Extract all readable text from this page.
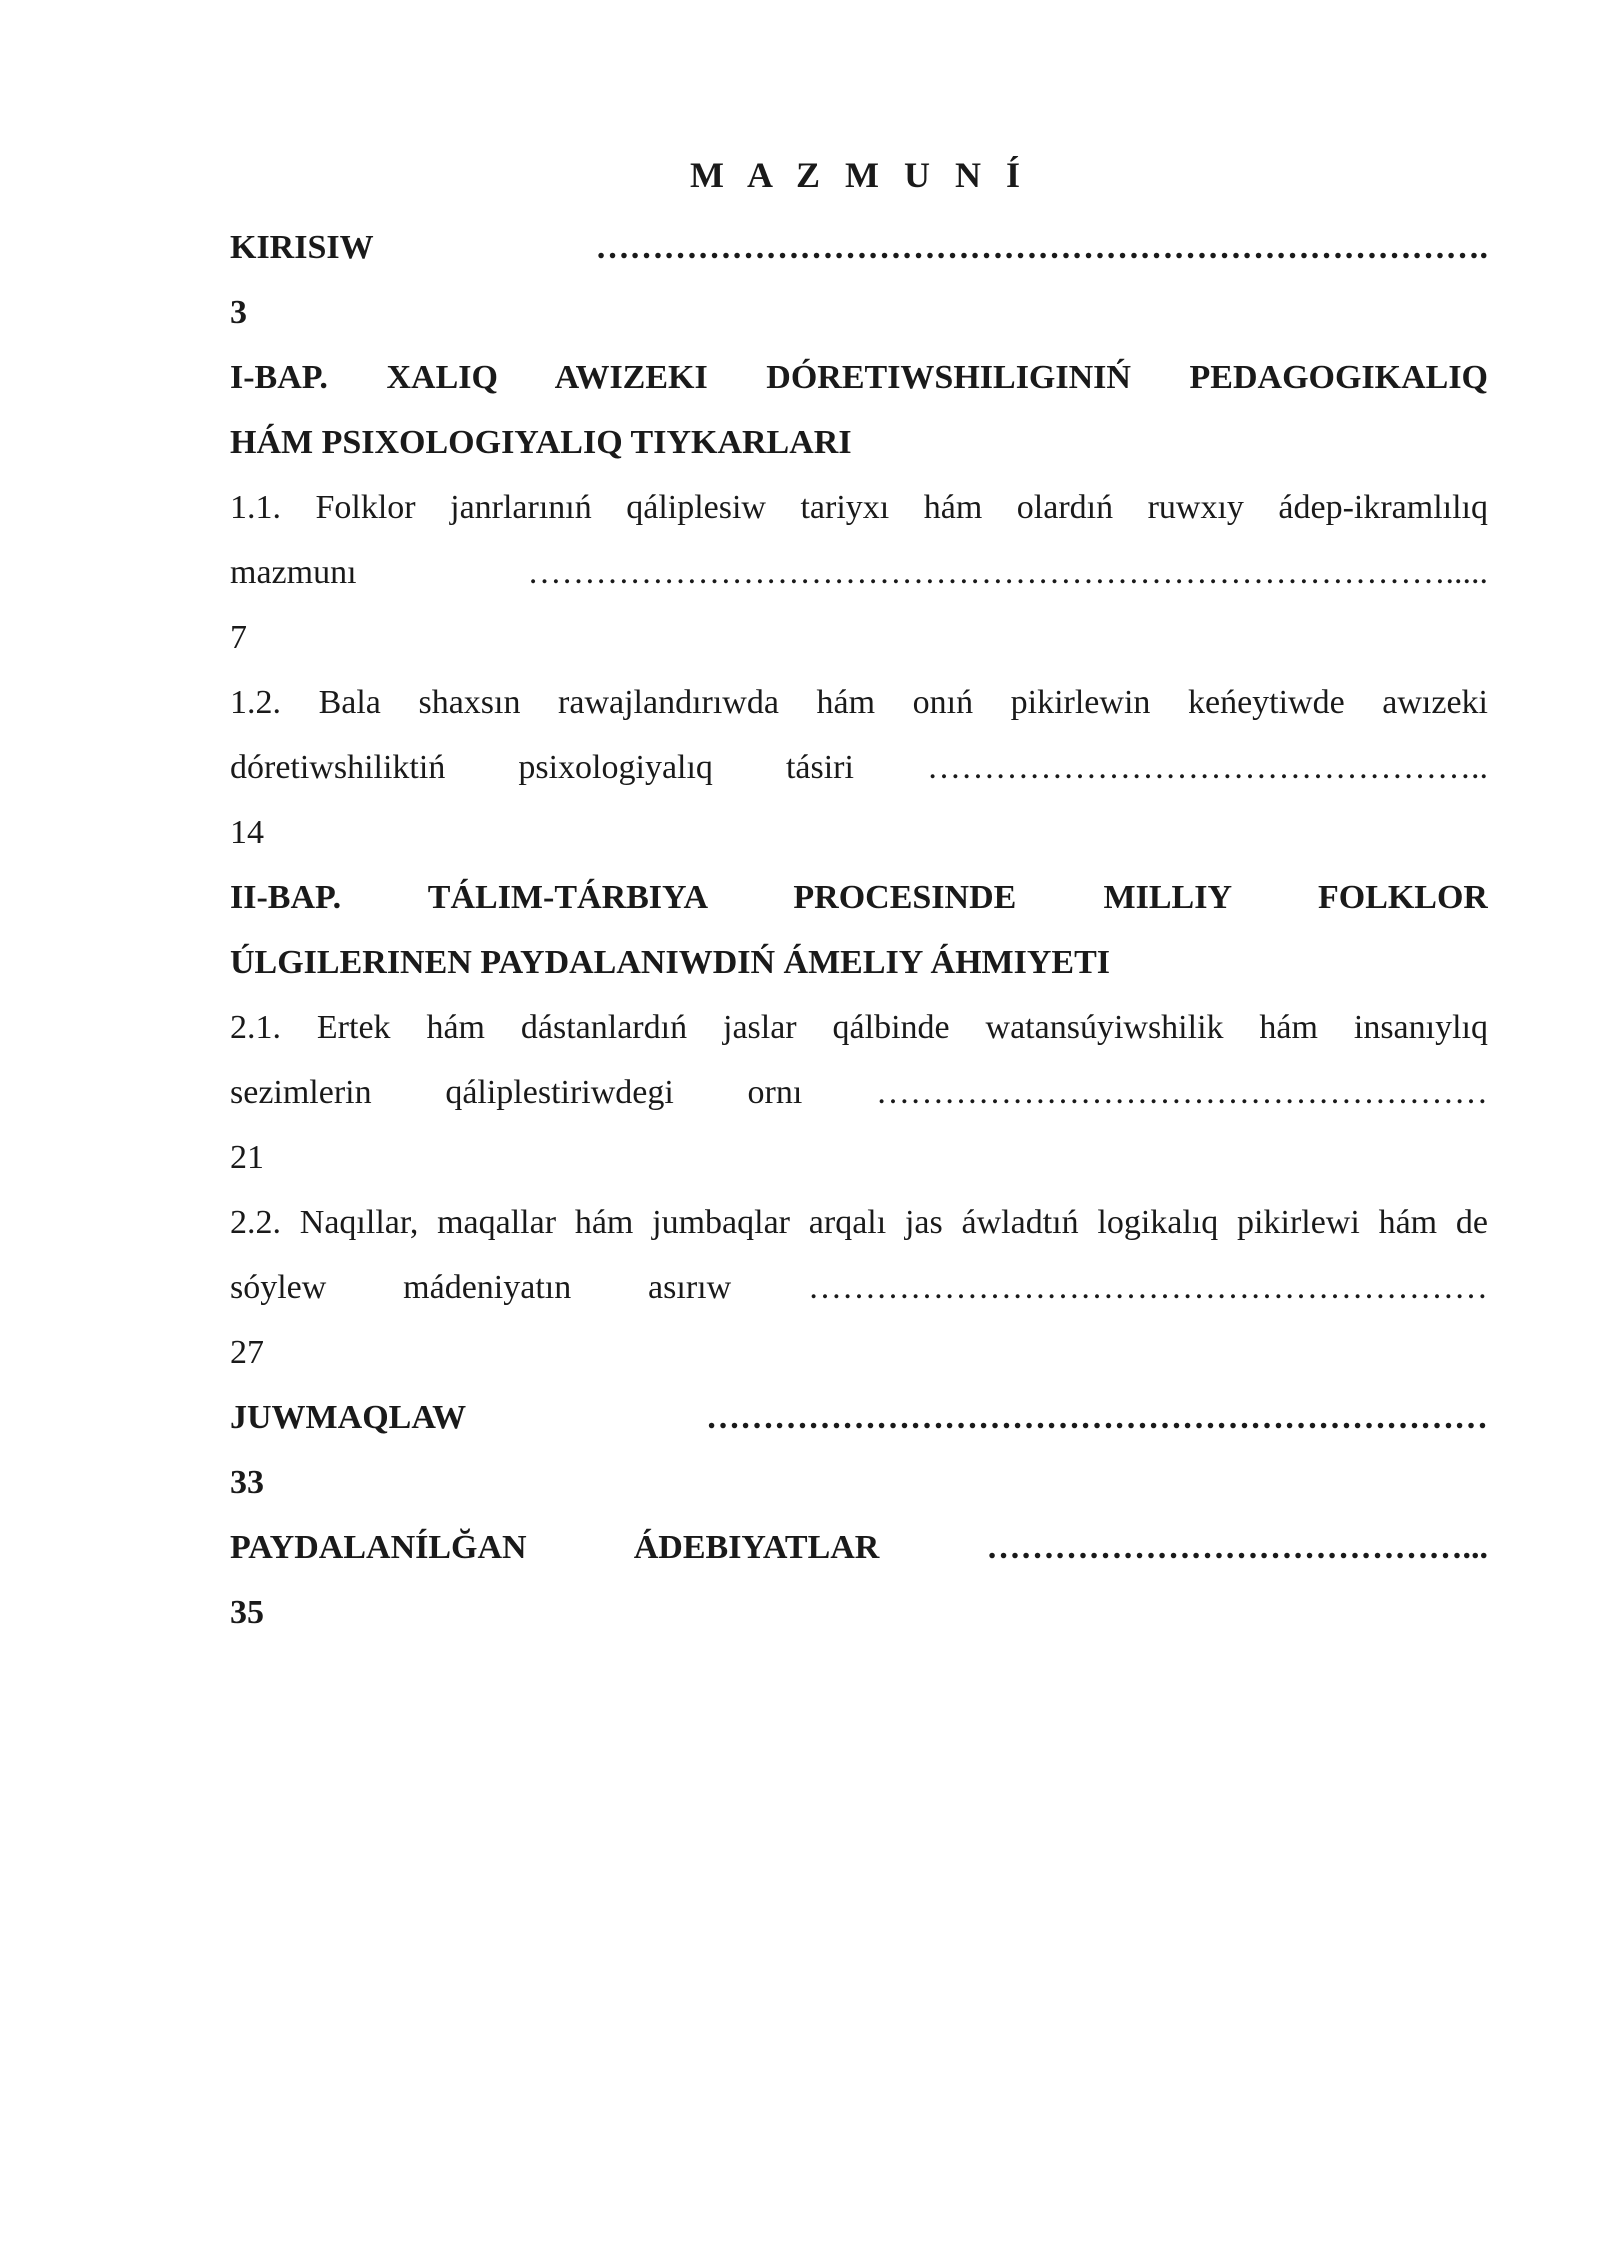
M A Z M U N Í
KIRISIW …………………………………………………………………….
3
I-BAP. XALIQ AWIZEKI DÓRETIWSHILIGINIŃ PEDAGOGIKALIQ
HÁM PSIXOLOGIYALIQ TIYKARLARI
1.1. Folklor janrlarınıń qáliplesiw tariyxı hám olardıń ruwxıy ádep-ikramlılıq
mazmunı ……………………………………………………………………….....
7
1.2. Bala shaxsın rawajlandırıwda hám onıń pikirlewin keńeytiwde awızeki
dóretiwshiliktiń psixologiyalıq tásiri …………………………………………..
14
II-BAP. TÁLIM-TÁRBIYA PROCESINDE MILLIY FOLKLOR
ÚLGILERINEN PAYDALANIWDIŃ ÁMELIY ÁHMIYETI
2.1. Ertek hám dástanlardıń jaslar qálbinde watansúyiwshilik hám insanıylıq
sezimlerin qáliplestiriwdegi ornı ………………………………………………
21
2.2. Naqıllar, maqallar hám jumbaqlar arqalı jas áwladtıń logikalıq pikirlewi hám de
sóylew mádeniyatın asırıw ……………………………………………………
27
JUWMAQLAW ……………………………………………………………
33
PAYDALANÍLĞAN ÁDEBIYATLAR ……………………………………...
35
